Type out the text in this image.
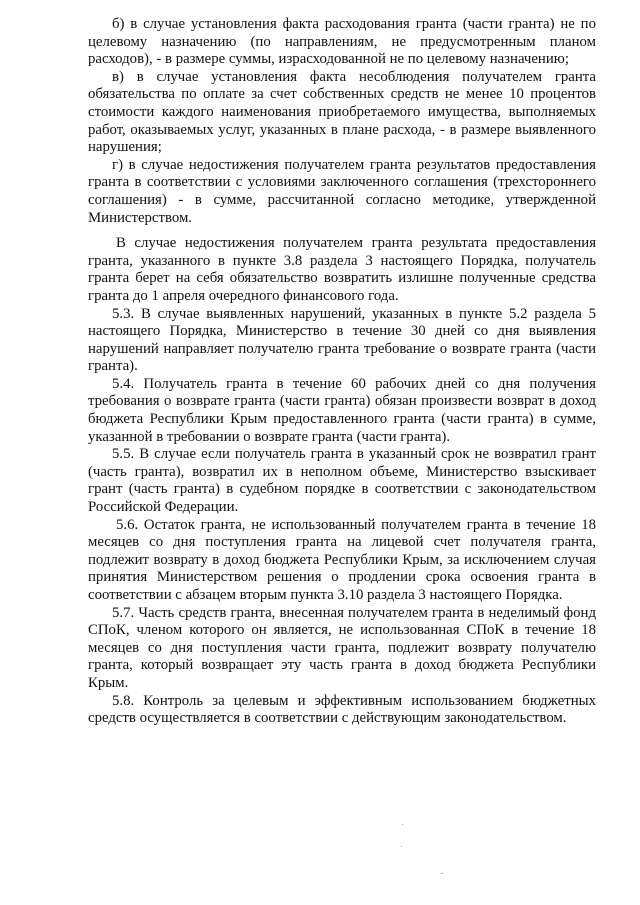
б) в случае установления факта расходования гранта (части гранта) не по целевому назначению (по направлениям, не предусмотренным планом расходов), - в размере суммы, израсходованной не по целевому назначению;

в) в случае установления факта несоблюдения получателем гранта обязательства по оплате за счет собственных средств не менее 10 процентов стоимости каждого наименования приобретаемого имущества, выполняемых работ, оказываемых услуг, указанных в плане расхода, - в размере выявленного нарушения;

г) в случае недостижения получателем гранта результатов предоставления гранта в соответствии с условиями заключенного соглашения (трехстороннего соглашения) - в сумме, рассчитанной согласно методике, утвержденной Министерством.

В случае недостижения получателем гранта результата предоставления гранта, указанного в пункте 3.8 раздела 3 настоящего Порядка, получатель гранта берет на себя обязательство возвратить излишне полученные средства гранта до 1 апреля очередного финансового года.

5.3. В случае выявленных нарушений, указанных в пункте 5.2 раздела 5 настоящего Порядка, Министерство в течение 30 дней со дня выявления нарушений направляет получателю гранта требование о возврате гранта (части гранта).

5.4. Получатель гранта в течение 60 рабочих дней со дня получения требования о возврате гранта (части гранта) обязан произвести возврат в доход бюджета Республики Крым предоставленного гранта (части гранта) в сумме, указанной в требовании о возврате гранта (части гранта).

5.5. В случае если получатель гранта в указанный срок не возвратил грант (часть гранта), возвратил их в неполном объеме, Министерство взыскивает грант (часть гранта) в судебном порядке в соответствии с законодательством Российской Федерации.

5.6. Остаток гранта, не использованный получателем гранта в течение 18 месяцев со дня поступления гранта на лицевой счет получателя гранта, подлежит возврату в доход бюджета Республики Крым, за исключением случая принятия Министерством решения о продлении срока освоения гранта в соответствии с абзацем вторым пункта 3.10 раздела 3 настоящего Порядка.

5.7. Часть средств гранта, внесенная получателем гранта в неделимый фонд СПоК, членом которого он является, не использованная СПоК в течение 18 месяцев со дня поступления части гранта, подлежит возврату получателю гранта, который возвращает эту часть гранта в доход бюджета Республики Крым.

5.8. Контроль за целевым и эффективным использованием бюджетных средств осуществляется в соответствии с действующим законодательством.
